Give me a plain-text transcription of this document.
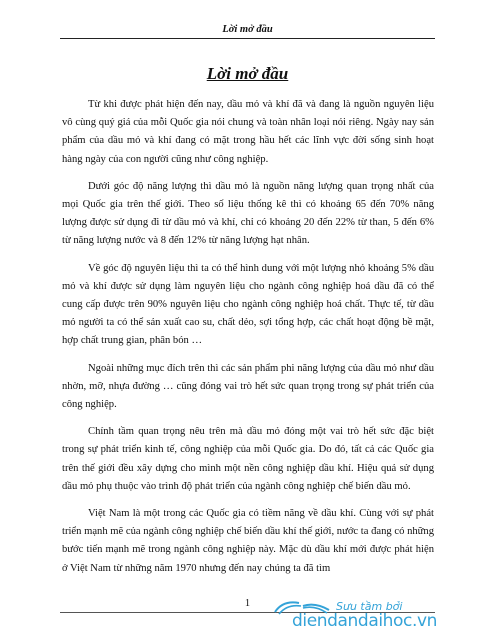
Lời mở đầu
Lời mở đầu

Từ khi được phát hiện đến nay, dầu mỏ và khí đã và đang là nguồn nguyên liệu vô cùng quý giá của mỗi Quốc gia nói chung và toàn nhân loại nói riêng. Ngày nay sản phẩm của dầu mỏ và khí đang có mặt trong hầu hết các lĩnh vực đời sống sinh hoạt hàng ngày của con người cũng như công nghiệp.

Dưới góc độ năng lượng thì dầu mỏ là nguồn năng lượng quan trọng nhất của mọi Quốc gia trên thế giới. Theo số liệu thống kê thì có khoảng 65 đến 70% năng lượng được sử dụng đi từ dầu mỏ và khí, chỉ có khoảng 20 đến 22% từ than, 5 đến 6% từ năng lượng nước và 8 đến 12% từ năng lượng hạt nhân.

Về góc độ nguyên liệu thì ta có thể hình dung với một lượng nhỏ khoảng 5% dầu mỏ và khí được sử dụng làm nguyên liệu cho ngành công nghiệp hoá dầu đã có thể cung cấp được trên 90% nguyên liệu cho ngành công nghiệp hoá chất. Thực tế, từ dầu mỏ người ta có thể sản xuất cao su, chất dẻo, sợi tổng hợp, các chất hoạt động bề mặt, hợp chất trung gian, phân bón …

Ngoài những mục đích trên thì các sản phẩm phi năng lượng của dầu mỏ như dầu nhờn, mỡ, nhựa đường … cũng đóng vai trò hết sức quan trọng trong sự phát triển của công nghiệp.

Chính tầm quan trọng nêu trên mà dầu mỏ đóng một vai trò hết sức đặc biệt trong sự phát triển kinh tế, công nghiệp của mỗi Quốc gia. Do đó, tất cả các Quốc gia trên thế giới đều xây dựng cho mình một nền công nghiệp dầu khí. Hiệu quả sử dụng dầu mỏ phụ thuộc vào trình độ phát triển của ngành công nghiệp chế biến dầu mỏ.

Việt Nam là một trong các Quốc gia có tiềm năng về dầu khí. Cùng với sự phát triển mạnh mẽ của ngành công nghiệp chế biến dầu khí thế giới, nước ta đang có những bước tiến mạnh mẽ trong ngành công nghiệp này. Mặc dù dầu khí mới được phát hiện ở Việt Nam từ những năm 1970 nhưng đến nay chúng ta đã tìm

1	Sưu tầm bởi
diendandaihoc.vn
